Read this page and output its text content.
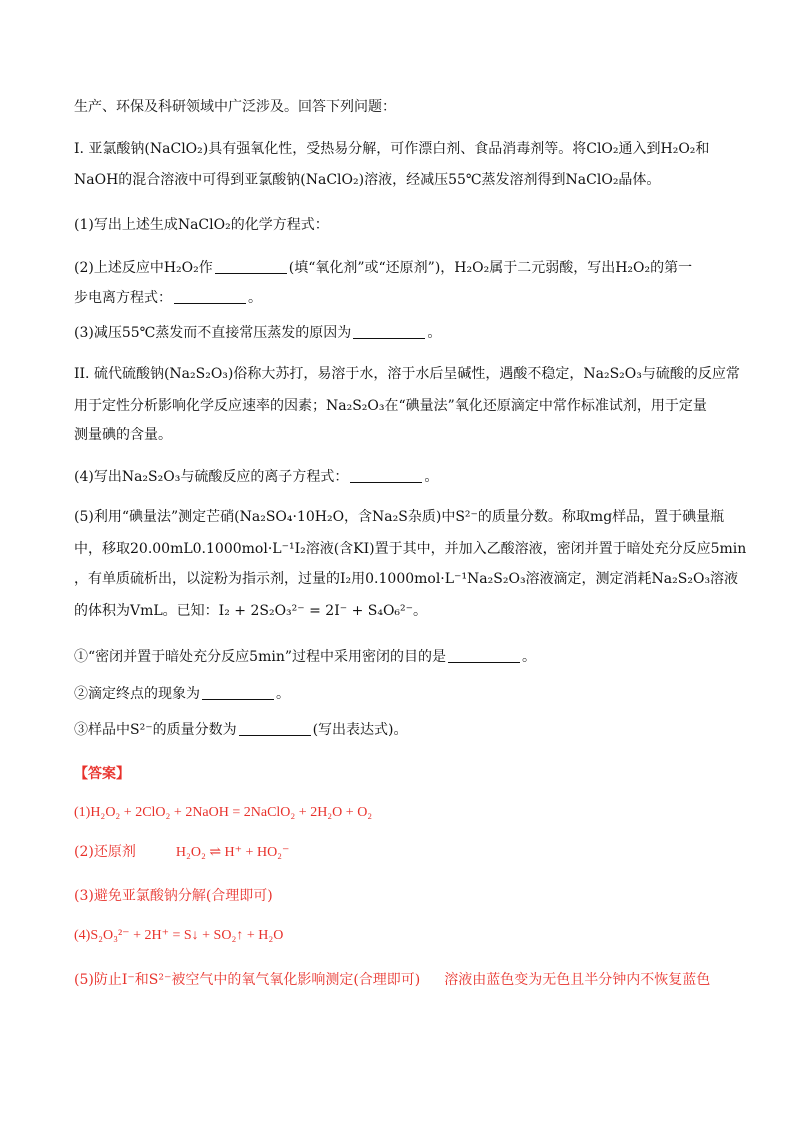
生产、环保及科研领域中广泛涉及。回答下列问题：
I. 亚氯酸钠(NaClO₂)具有强氧化性，受热易分解，可作漂白剂、食品消毒剂等。将ClO₂通入到H₂O₂和
NaOH的混合溶液中可得到亚氯酸钠(NaClO₂)溶液，经减压55℃蒸发溶剂得到NaClO₂晶体。
(1)写出上述生成NaClO₂的化学方程式：
(2)上述反应中H₂O₂作	(填“氧化剂”或“还原剂”)，H₂O₂属于二元弱酸，写出H₂O₂的第一
步电离方程式：	。
(3)减压55℃蒸发而不直接常压蒸发的原因为	。
II. 硫代硫酸钠(Na₂S₂O₃)俗称大苏打，易溶于水，溶于水后呈碱性，遇酸不稳定，Na₂S₂O₃与硫酸的反应常
用于定性分析影响化学反应速率的因素；Na₂S₂O₃在“碘量法”氧化还原滴定中常作标准试剂，用于定量
测量碘的含量。
(4)写出Na₂S₂O₃与硫酸反应的离子方程式：	。
(5)利用“碘量法”测定芒硝(Na₂SO₄·10H₂O，含Na₂S杂质)中S²⁻的质量分数。称取mg样品，置于碘量瓶
中，移取20.00mL0.1000mol·L⁻¹I₂溶液(含KI)置于其中，并加入乙酸溶液，密闭并置于暗处充分反应5min
，有单质硫析出，以淀粉为指示剂，过量的I₂用0.1000mol·L⁻¹Na₂S₂O₃溶液滴定，测定消耗Na₂S₂O₃溶液
的体积为VmL。已知：I₂ + 2S₂O₃²⁻ = 2I⁻ + S₄O₆²⁻。
①“密闭并置于暗处充分反应5min”过程中采用密闭的目的是	。
②滴定终点的现象为	。
③样品中S²⁻的质量分数为	(写出表达式)。
【答案】
(1)H₂O₂ + 2ClO₂ + 2NaOH = 2NaClO₂ + 2H₂O + O₂
(2)还原剂	H₂O₂ ⇌ H⁺ + HO₂⁻
(3)避免亚氯酸钠分解(合理即可)
(4)S₂O₃²⁻ + 2H⁺ = S↓ + SO₂↑ + H₂O
(5)防止I⁻和S²⁻被空气中的氧气氧化影响测定(合理即可) 溶液由蓝色变为无色且半分钟内不恢复蓝色
